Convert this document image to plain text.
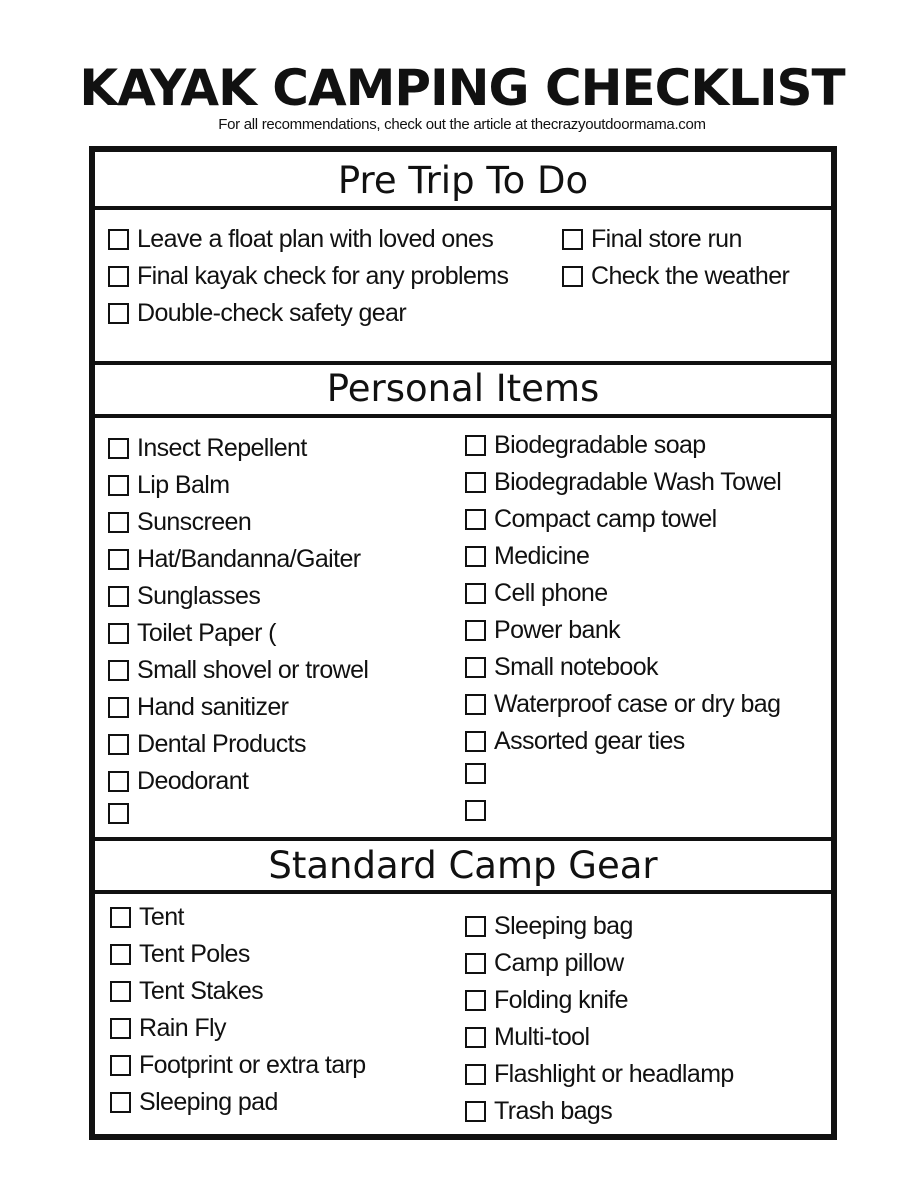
KAYAK CAMPING CHECKLIST
For all recommendations, check out the article at thecrazyoutdoormama.com
Pre Trip To Do
Leave a float plan with loved ones
Final kayak check for any problems
Double-check safety gear
Final store run
Check the weather
Personal Items
Insect Repellent
Lip Balm
Sunscreen
Hat/Bandanna/Gaiter
Sunglasses
Toilet Paper (
Small shovel or trowel
Hand sanitizer
Dental Products
Deodorant
Biodegradable soap
Biodegradable Wash Towel
Compact camp towel
Medicine
Cell phone
Power bank
Small notebook
Waterproof case or dry bag
Assorted gear ties
Standard Camp Gear
Tent
Tent Poles
Tent Stakes
Rain Fly
Footprint or extra tarp
Sleeping pad
Sleeping bag
Camp pillow
Folding knife
Multi-tool
Flashlight or headlamp
Trash bags
